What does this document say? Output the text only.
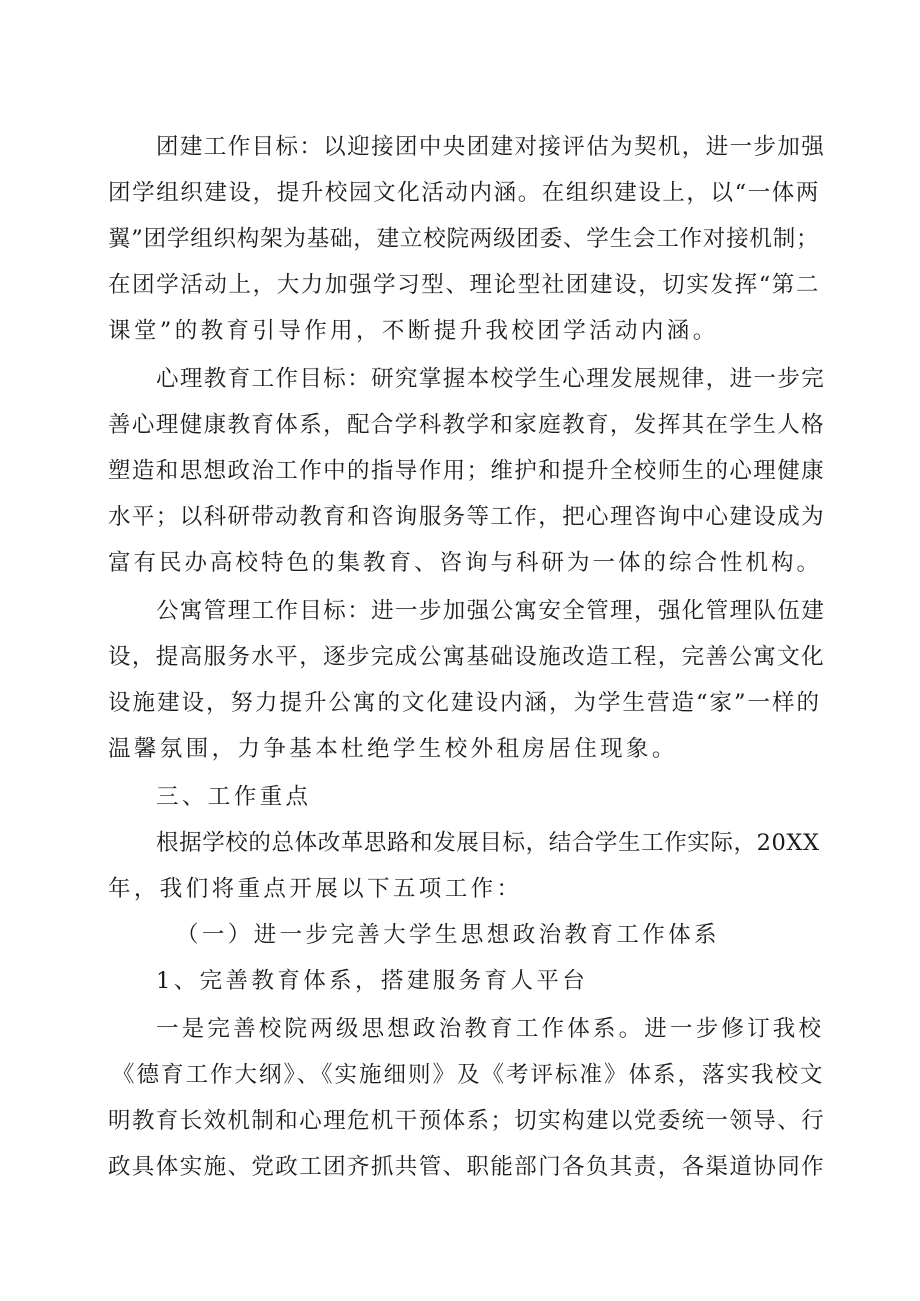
团建工作目标：以迎接团中央团建对接评估为契机，进一步加强
团学组织建设，提升校园文化活动内涵。在组织建设上，以“一体两
翼”团学组织构架为基础，建立校院两级团委、学生会工作对接机制；
在团学活动上，大力加强学习型、理论型社团建设，切实发挥“第二
课堂”的教育引导作用，不断提升我校团学活动内涵。
心理教育工作目标：研究掌握本校学生心理发展规律，进一步完
善心理健康教育体系，配合学科教学和家庭教育，发挥其在学生人格
塑造和思想政治工作中的指导作用；维护和提升全校师生的心理健康
水平；以科研带动教育和咨询服务等工作，把心理咨询中心建设成为
富有民办高校特色的集教育、咨询与科研为一体的综合性机构。
公寓管理工作目标：进一步加强公寓安全管理，强化管理队伍建
设，提高服务水平，逐步完成公寓基础设施改造工程，完善公寓文化
设施建设，努力提升公寓的文化建设内涵，为学生营造“家”一样的
温馨氛围，力争基本杜绝学生校外租房居住现象。
三、工作重点
根据学校的总体改革思路和发展目标，结合学生工作实际，20XX
年，我们将重点开展以下五项工作：
（一）进一步完善大学生思想政治教育工作体系
1、完善教育体系，搭建服务育人平台
一是完善校院两级思想政治教育工作体系。进一步修订我校
《德育工作大纲》、《实施细则》及《考评标准》体系，落实我校文
明教育长效机制和心理危机干预体系；切实构建以党委统一领导、行
政具体实施、党政工团齐抓共管、职能部门各负其责，各渠道协同作
